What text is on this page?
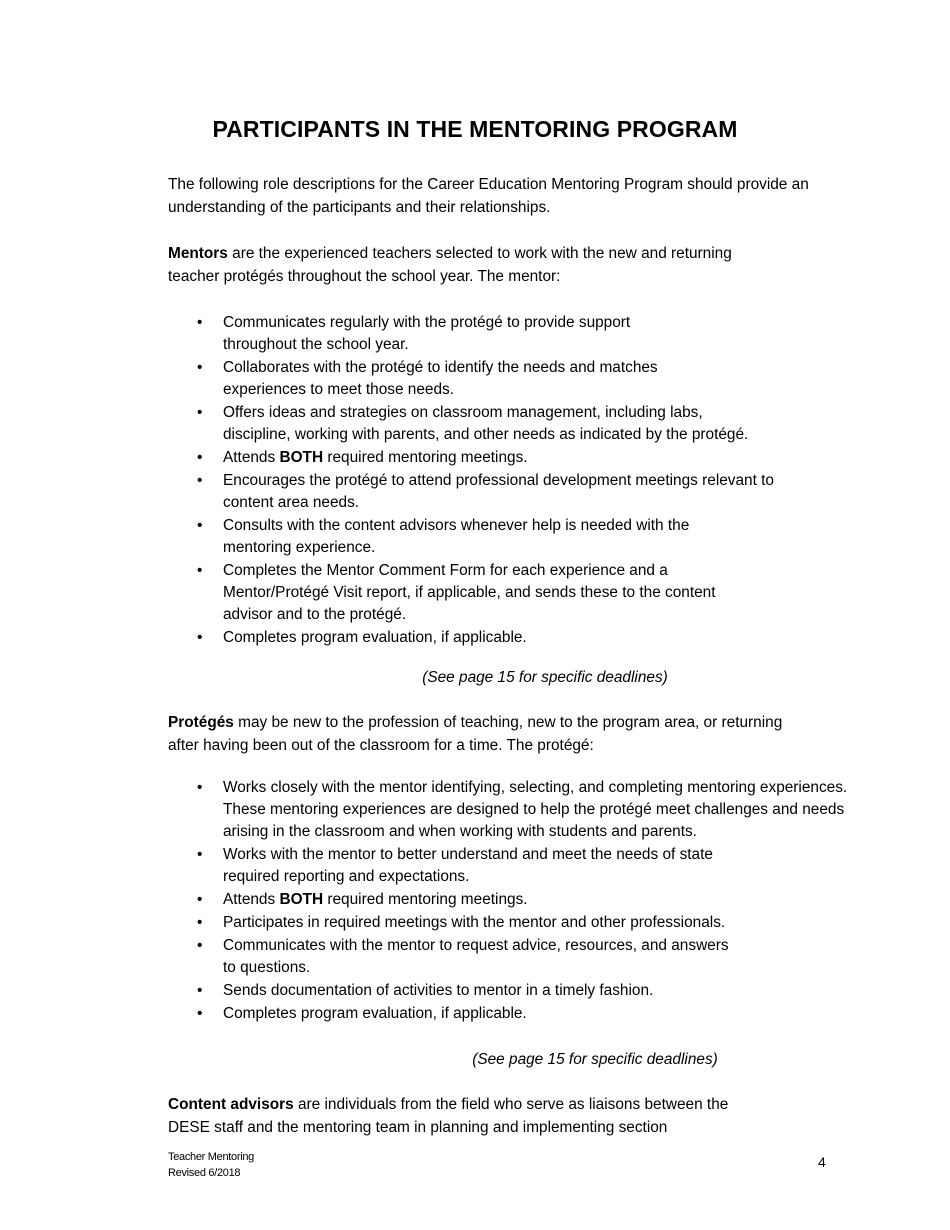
PARTICIPANTS IN THE MENTORING PROGRAM

The following role descriptions for the Career Education Mentoring Program should provide an understanding of the participants and their relationships.

Mentors are the experienced teachers selected to work with the new and returning teacher protégés throughout the school year. The mentor:

• Communicates regularly with the protégé to provide support throughout the school year.
• Collaborates with the protégé to identify the needs and matches experiences to meet those needs.
• Offers ideas and strategies on classroom management, including labs, discipline, working with parents, and other needs as indicated by the protégé.
• Attends BOTH required mentoring meetings.
• Encourages the protégé to attend professional development meetings relevant to content area needs.
• Consults with the content advisors whenever help is needed with the mentoring experience.
• Completes the Mentor Comment Form for each experience and a Mentor/Protégé Visit report, if applicable, and sends these to the content advisor and to the protégé.
• Completes program evaluation, if applicable.
(See page 15 for specific deadlines)

Protégés may be new to the profession of teaching, new to the program area, or returning after having been out of the classroom for a time. The protégé:

• Works closely with the mentor identifying, selecting, and completing mentoring experiences. These mentoring experiences are designed to help the protégé meet challenges and needs arising in the classroom and when working with students and parents.
• Works with the mentor to better understand and meet the needs of state required reporting and expectations.
• Attends BOTH required mentoring meetings.
• Participates in required meetings with the mentor and other professionals.
• Communicates with the mentor to request advice, resources, and answers to questions.
• Sends documentation of activities to mentor in a timely fashion.
• Completes program evaluation, if applicable.
(See page 15 for specific deadlines)

Content advisors are individuals from the field who serve as liaisons between the DESE staff and the mentoring team in planning and implementing section

Teacher Mentoring
Revised 6/2018
4
